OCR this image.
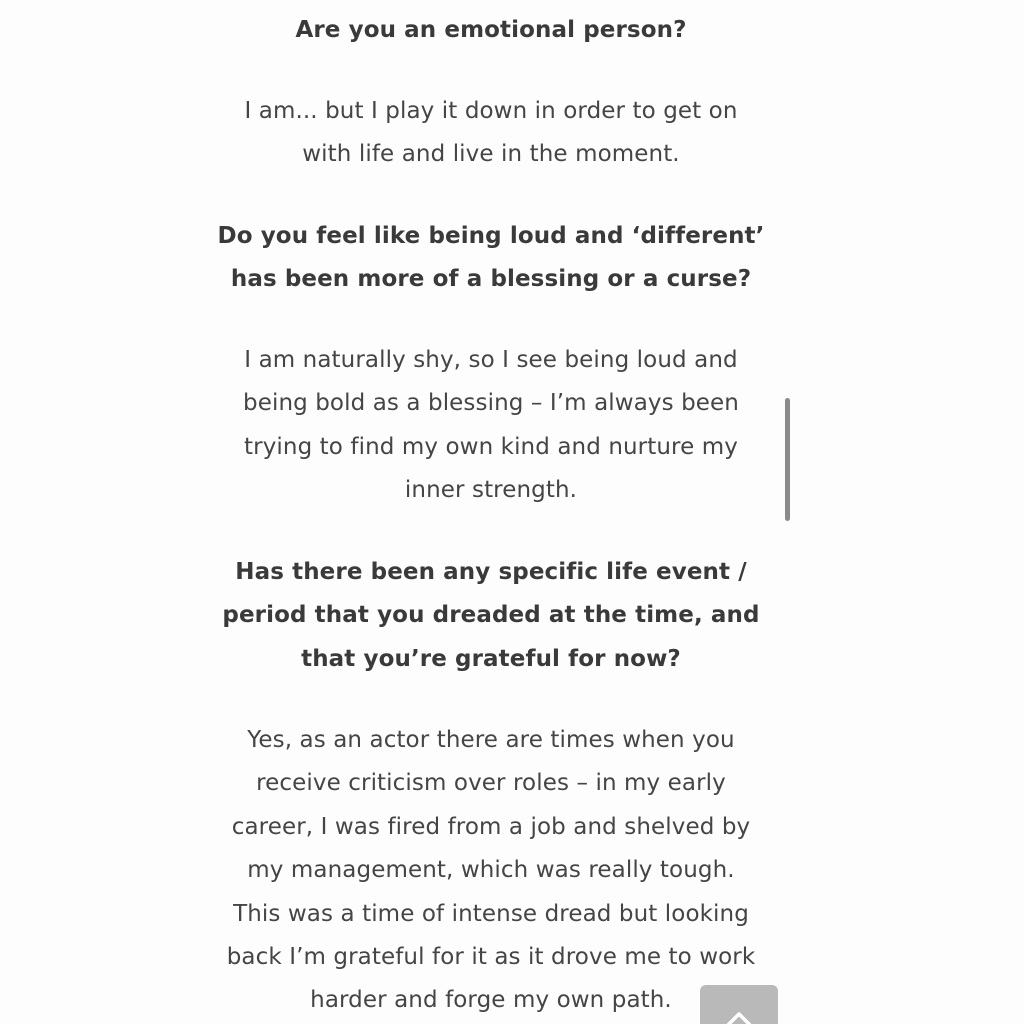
Are you an emotional person?
I am... but I play it down in order to get on
with life and live in the moment.
Do you feel like being loud and ‘different’
has been more of a blessing or a curse?
I am naturally shy, so I see being loud and
being bold as a blessing – I’m always been
trying to find my own kind and nurture my
inner strength.
Has there been any specific life event /
period that you dreaded at the time, and
that you’re grateful for now?
Yes, as an actor there are times when you
receive criticism over roles – in my early
career, I was fired from a job and shelved by
my management, which was really tough.
This was a time of intense dread but looking
back I’m grateful for it as it drove me to work
harder and forge my own path.
